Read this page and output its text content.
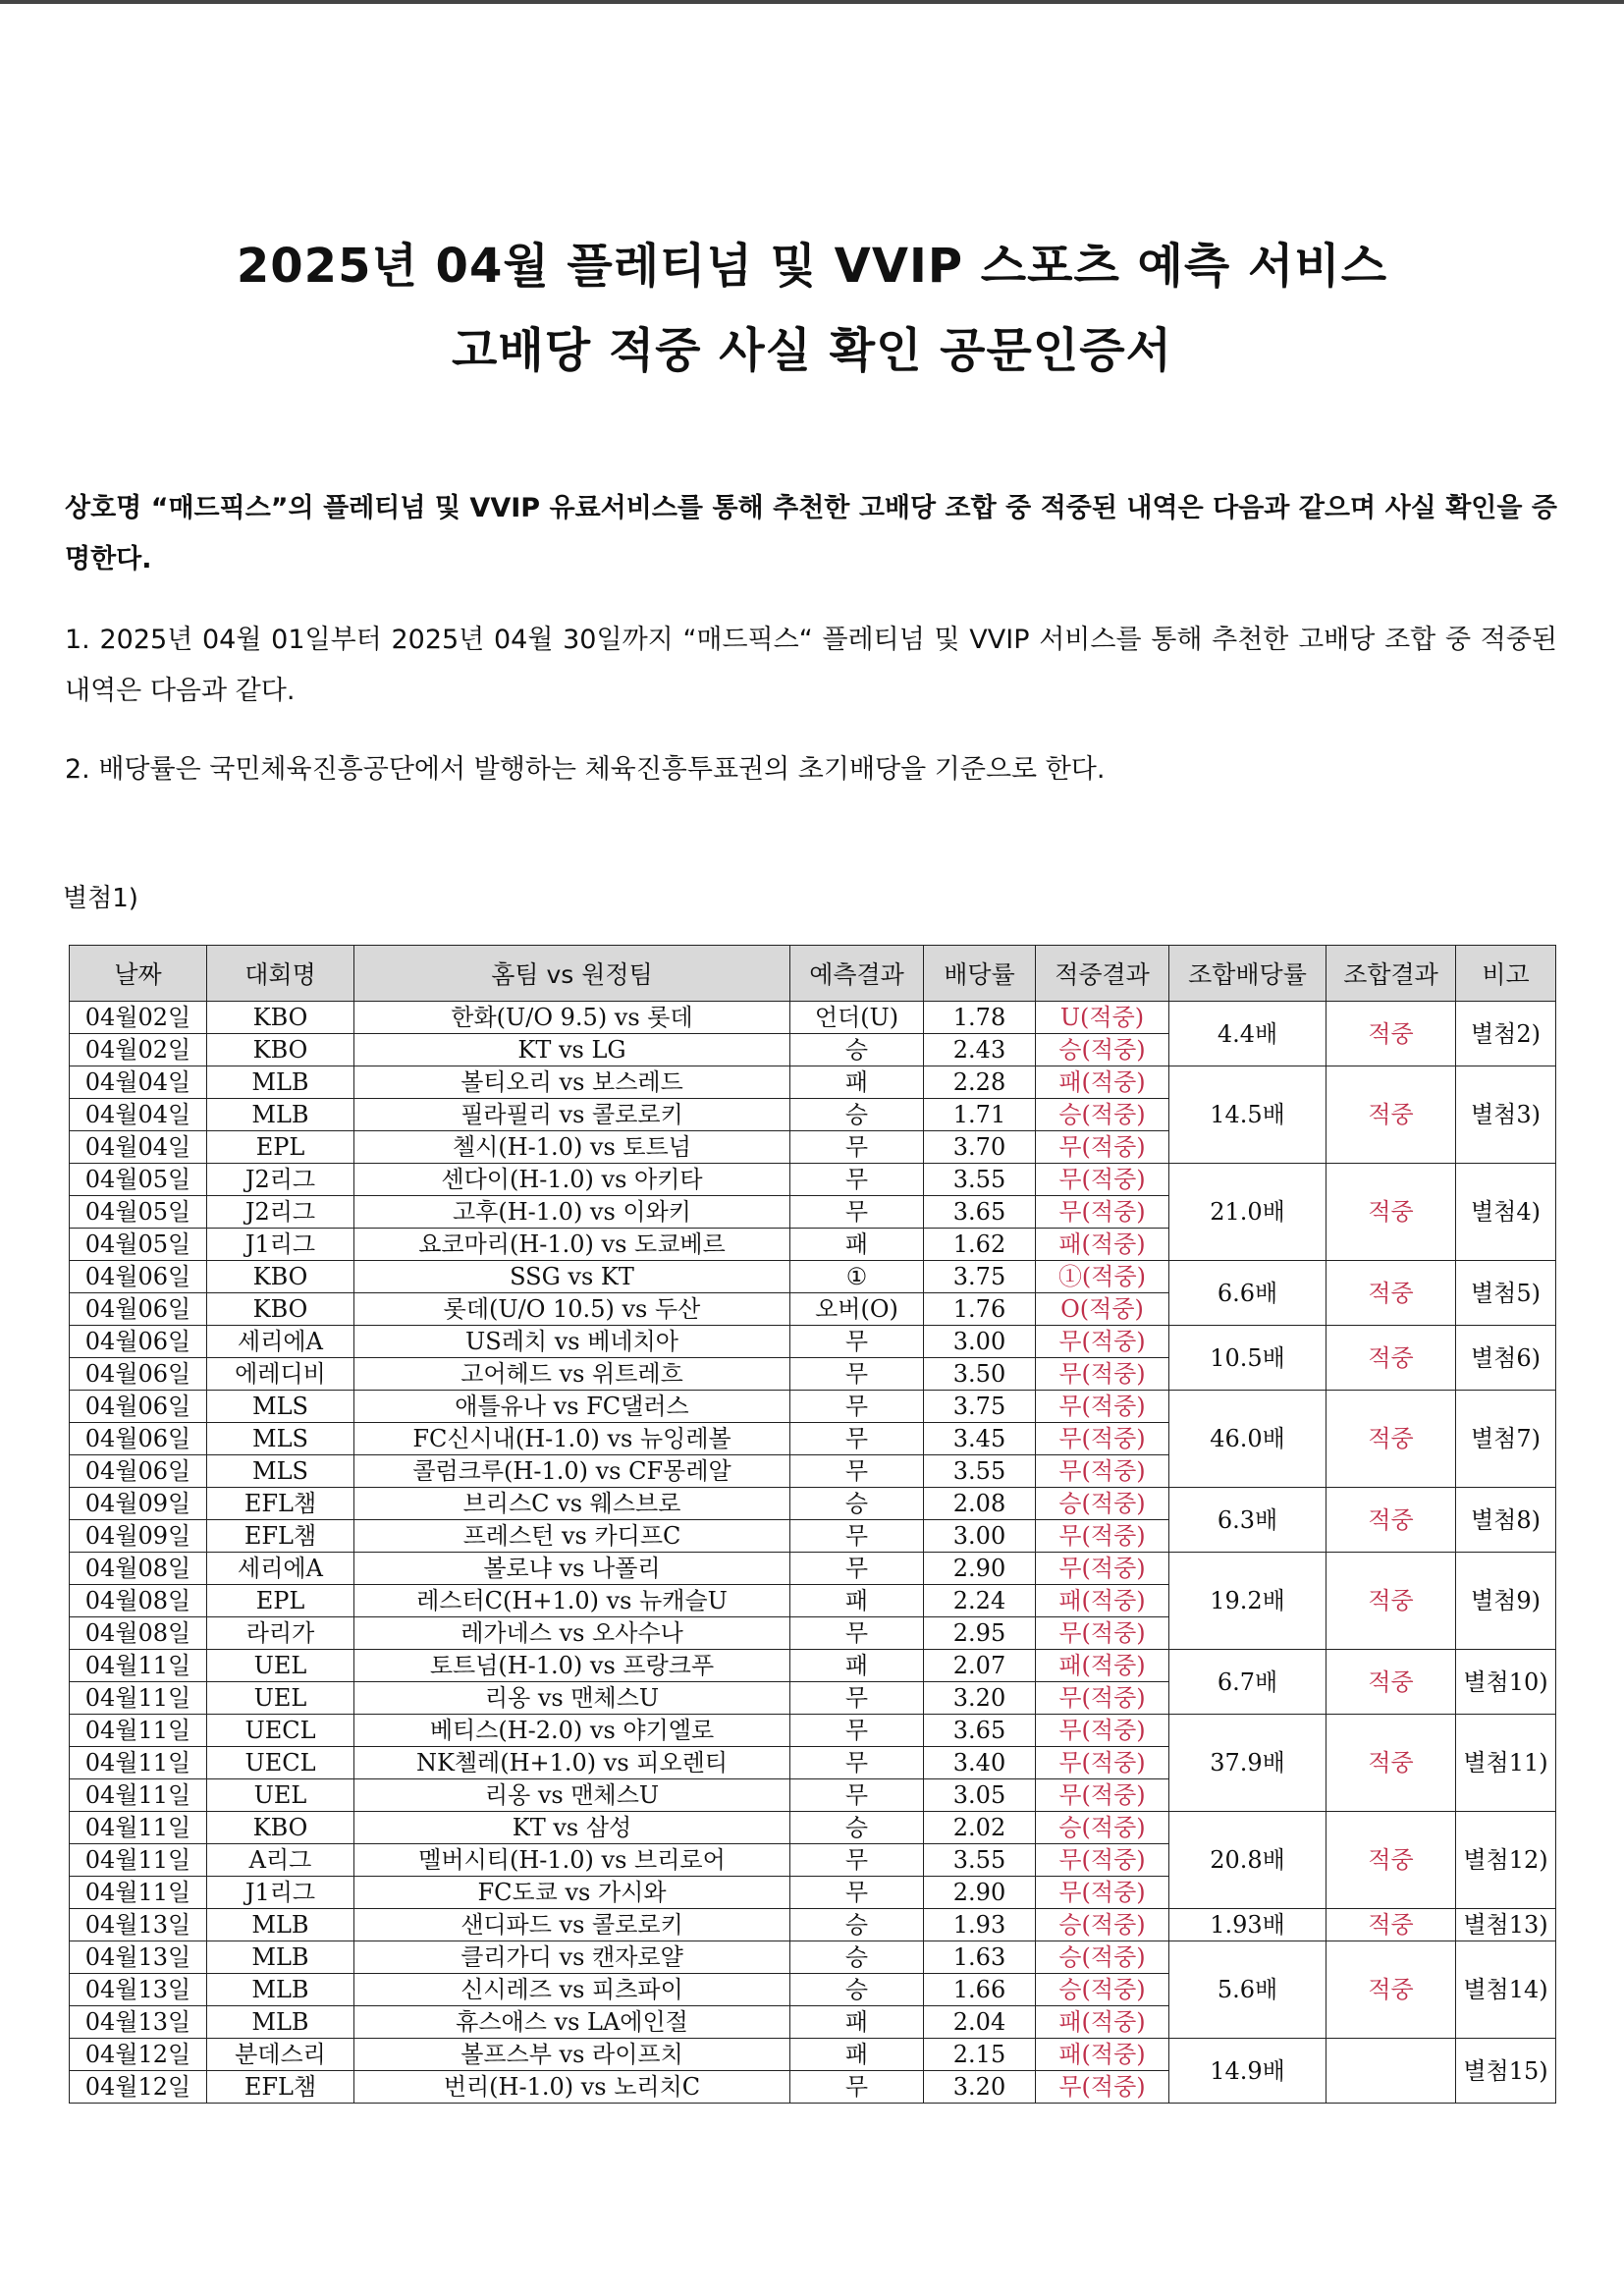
2025년 04월 플레티넘 및 VVIP 스포츠 예측 서비스
고배당 적중 사실 확인 공문인증서
상호명 “매드픽스”의 플레티넘 및 VVIP 유료서비스를 통해 추천한 고배당 조합 중 적중된 내역은 다음과 같으며 사실 확인을 증명한다.
1. 2025년 04월 01일부터 2025년 04월 30일까지 “매드픽스“ 플레티넘 및 VVIP 서비스를 통해 추천한 고배당 조합 중 적중된 내역은 다음과 같다.
2. 배당률은 국민체육진흥공단에서 발행하는 체육진흥투표권의 초기배당을 기준으로 한다.
별첨1)
날짜	대회명	홈팀 vs 원정팀	예측결과	배당률	적중결과	조합배당률	조합결과	비고
04월02일	KBO	한화(U/O 9.5) vs 롯데	언더(U)	1.78	U(적중)	4.4배	적중	별첨2)
04월02일	KBO	KT vs LG	승	2.43	승(적중)			
04월04일	MLB	볼티오리 vs 보스레드	패	2.28	패(적중)	14.5배	적중	별첨3)
04월04일	MLB	필라필리 vs 콜로로키	승	1.71	승(적중)			
04월04일	EPL	첼시(H-1.0) vs 토트넘	무	3.70	무(적중)			
04월05일	J2리그	센다이(H-1.0) vs 아키타	무	3.55	무(적중)	21.0배	적중	별첨4)
04월05일	J2리그	고후(H-1.0) vs 이와키	무	3.65	무(적중)			
04월05일	J1리그	요코마리(H-1.0) vs 도쿄베르	패	1.62	패(적중)			
04월06일	KBO	SSG vs KT	①	3.75	①(적중)	6.6배	적중	별첨5)
04월06일	KBO	롯데(U/O 10.5) vs 두산	오버(O)	1.76	O(적중)			
04월06일	세리에A	US레치 vs 베네치아	무	3.00	무(적중)	10.5배	적중	별첨6)
04월06일	에레디비	고어헤드 vs 위트레흐	무	3.50	무(적중)			
04월06일	MLS	애틀유나 vs FC댈러스	무	3.75	무(적중)	46.0배	적중	별첨7)
04월06일	MLS	FC신시내(H-1.0) vs 뉴잉레볼	무	3.45	무(적중)			
04월06일	MLS	콜럼크루(H-1.0) vs CF몽레알	무	3.55	무(적중)			
04월09일	EFL챔	브리스C vs 웨스브로	승	2.08	승(적중)	6.3배	적중	별첨8)
04월09일	EFL챔	프레스턴 vs 카디프C	무	3.00	무(적중)			
04월08일	세리에A	볼로냐 vs 나폴리	무	2.90	무(적중)	19.2배	적중	별첨9)
04월08일	EPL	레스터C(H+1.0) vs 뉴캐슬U	패	2.24	패(적중)			
04월08일	라리가	레가네스 vs 오사수나	무	2.95	무(적중)			
04월11일	UEL	토트넘(H-1.0) vs 프랑크푸	패	2.07	패(적중)	6.7배	적중	별첨10)
04월11일	UEL	리옹 vs 맨체스U	무	3.20	무(적중)			
04월11일	UECL	베티스(H-2.0) vs 야기엘로	무	3.65	무(적중)	37.9배	적중	별첨11)
04월11일	UECL	NK첼레(H+1.0) vs 피오렌티	무	3.40	무(적중)			
04월11일	UEL	리옹 vs 맨체스U	무	3.05	무(적중)			
04월11일	KBO	KT vs 삼성	승	2.02	승(적중)	20.8배	적중	별첨12)
04월11일	A리그	멜버시티(H-1.0) vs 브리로어	무	3.55	무(적중)			
04월11일	J1리그	FC도쿄 vs 가시와	무	2.90	무(적중)			
04월13일	MLB	샌디파드 vs 콜로로키	승	1.93	승(적중)	1.93배	적중	별첨13)
04월13일	MLB	클리가디 vs 캔자로얄	승	1.63	승(적중)	5.6배	적중	별첨14)
04월13일	MLB	신시레즈 vs 피츠파이	승	1.66	승(적중)			
04월13일	MLB	휴스애스 vs LA에인절	패	2.04	패(적중)			
04월12일	분데스리	볼프스부 vs 라이프치	패	2.15	패(적중)	14.9배		별첨15)
04월12일	EFL챔	번리(H-1.0) vs 노리치C	무	3.20	무(적중)			
